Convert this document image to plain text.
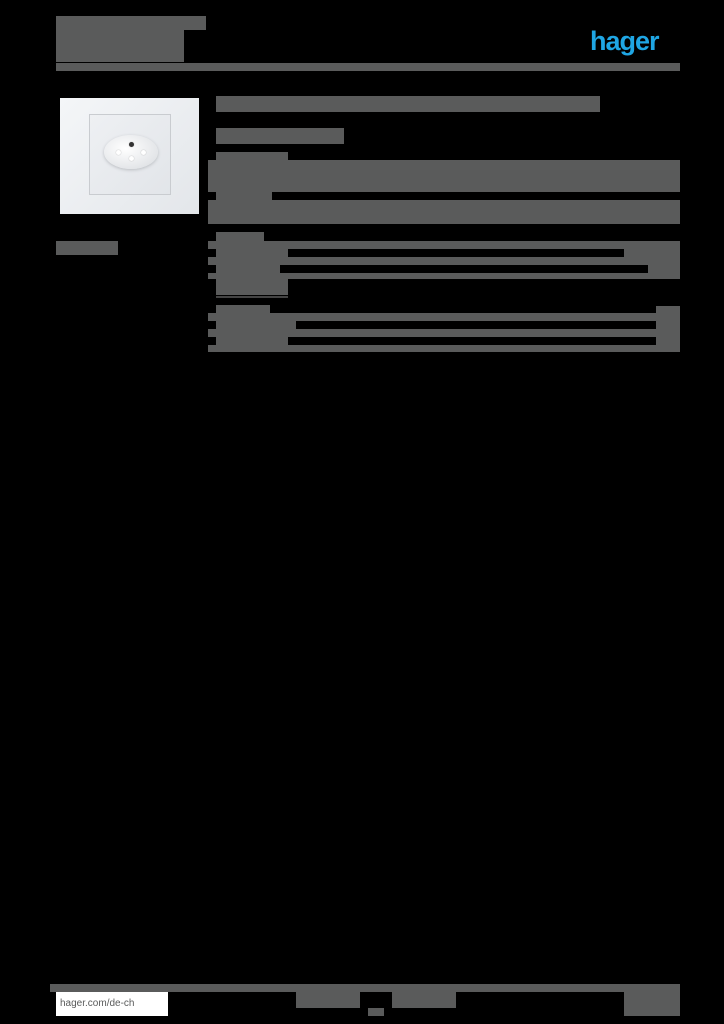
hager
hager.com/de-ch
